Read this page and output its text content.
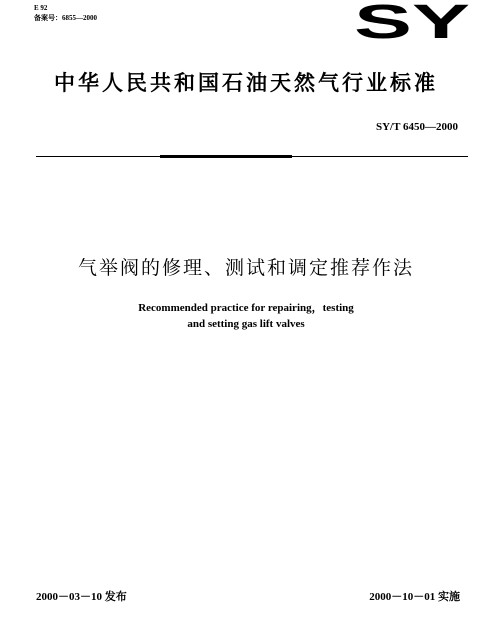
E 92
备案号：6855—2000	SY
中华人民共和国石油天然气行业标准
SY/T 6450—2000
气举阀的修理、测试和调定推荐作法
Recommended practice for repairing，testing
and setting gas lift valves
2000－03－10 发布	2000－10－01 实施
